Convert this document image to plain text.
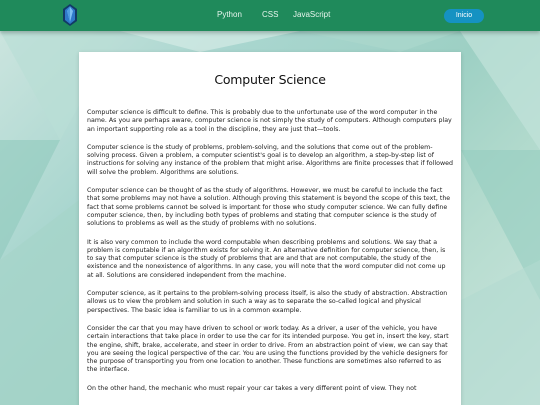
Python	CSS JavaScript	Inicio
Computer Science

Computer science is difficult to define. This is probably due to the unfortunate use of the word computer in the name. As you are perhaps aware, computer science is not simply the study of computers. Although computers play an important supporting role as a tool in the discipline, they are just that—tools.

Computer science is the study of problems, problem-solving, and the solutions that come out of the problem-solving process. Given a problem, a computer scientist's goal is to develop an algorithm, a step-by-step list of instructions for solving any instance of the problem that might arise. Algorithms are finite processes that if followed will solve the problem. Algorithms are solutions.

Computer science can be thought of as the study of algorithms. However, we must be careful to include the fact that some problems may not have a solution. Although proving this statement is beyond the scope of this text, the fact that some problems cannot be solved is important for those who study computer science. We can fully define computer science, then, by including both types of problems and stating that computer science is the study of solutions to problems as well as the study of problems with no solutions.

It is also very common to include the word computable when describing problems and solutions. We say that a problem is computable if an algorithm exists for solving it. An alternative definition for computer science, then, is to say that computer science is the study of problems that are and that are not computable, the study of the existence and the nonexistence of algorithms. In any case, you will note that the word computer did not come up at all. Solutions are considered independent from the machine.

Computer science, as it pertains to the problem-solving process itself, is also the study of abstraction. Abstraction allows us to view the problem and solution in such a way as to separate the so-called logical and physical perspectives. The basic idea is familiar to us in a common example.

Consider the car that you may have driven to school or work today. As a driver, a user of the vehicle, you have certain interactions that take place in order to use the car for its intended purpose. You get in, insert the key, start the engine, shift, brake, accelerate, and steer in order to drive. From an abstraction point of view, we can say that you are seeing the logical perspective of the car. You are using the functions provided by the vehicle designers for the purpose of transporting you from one location to another. These functions are sometimes also referred to as the interface.

On the other hand, the mechanic who must repair your car takes a very different point of view. They not
